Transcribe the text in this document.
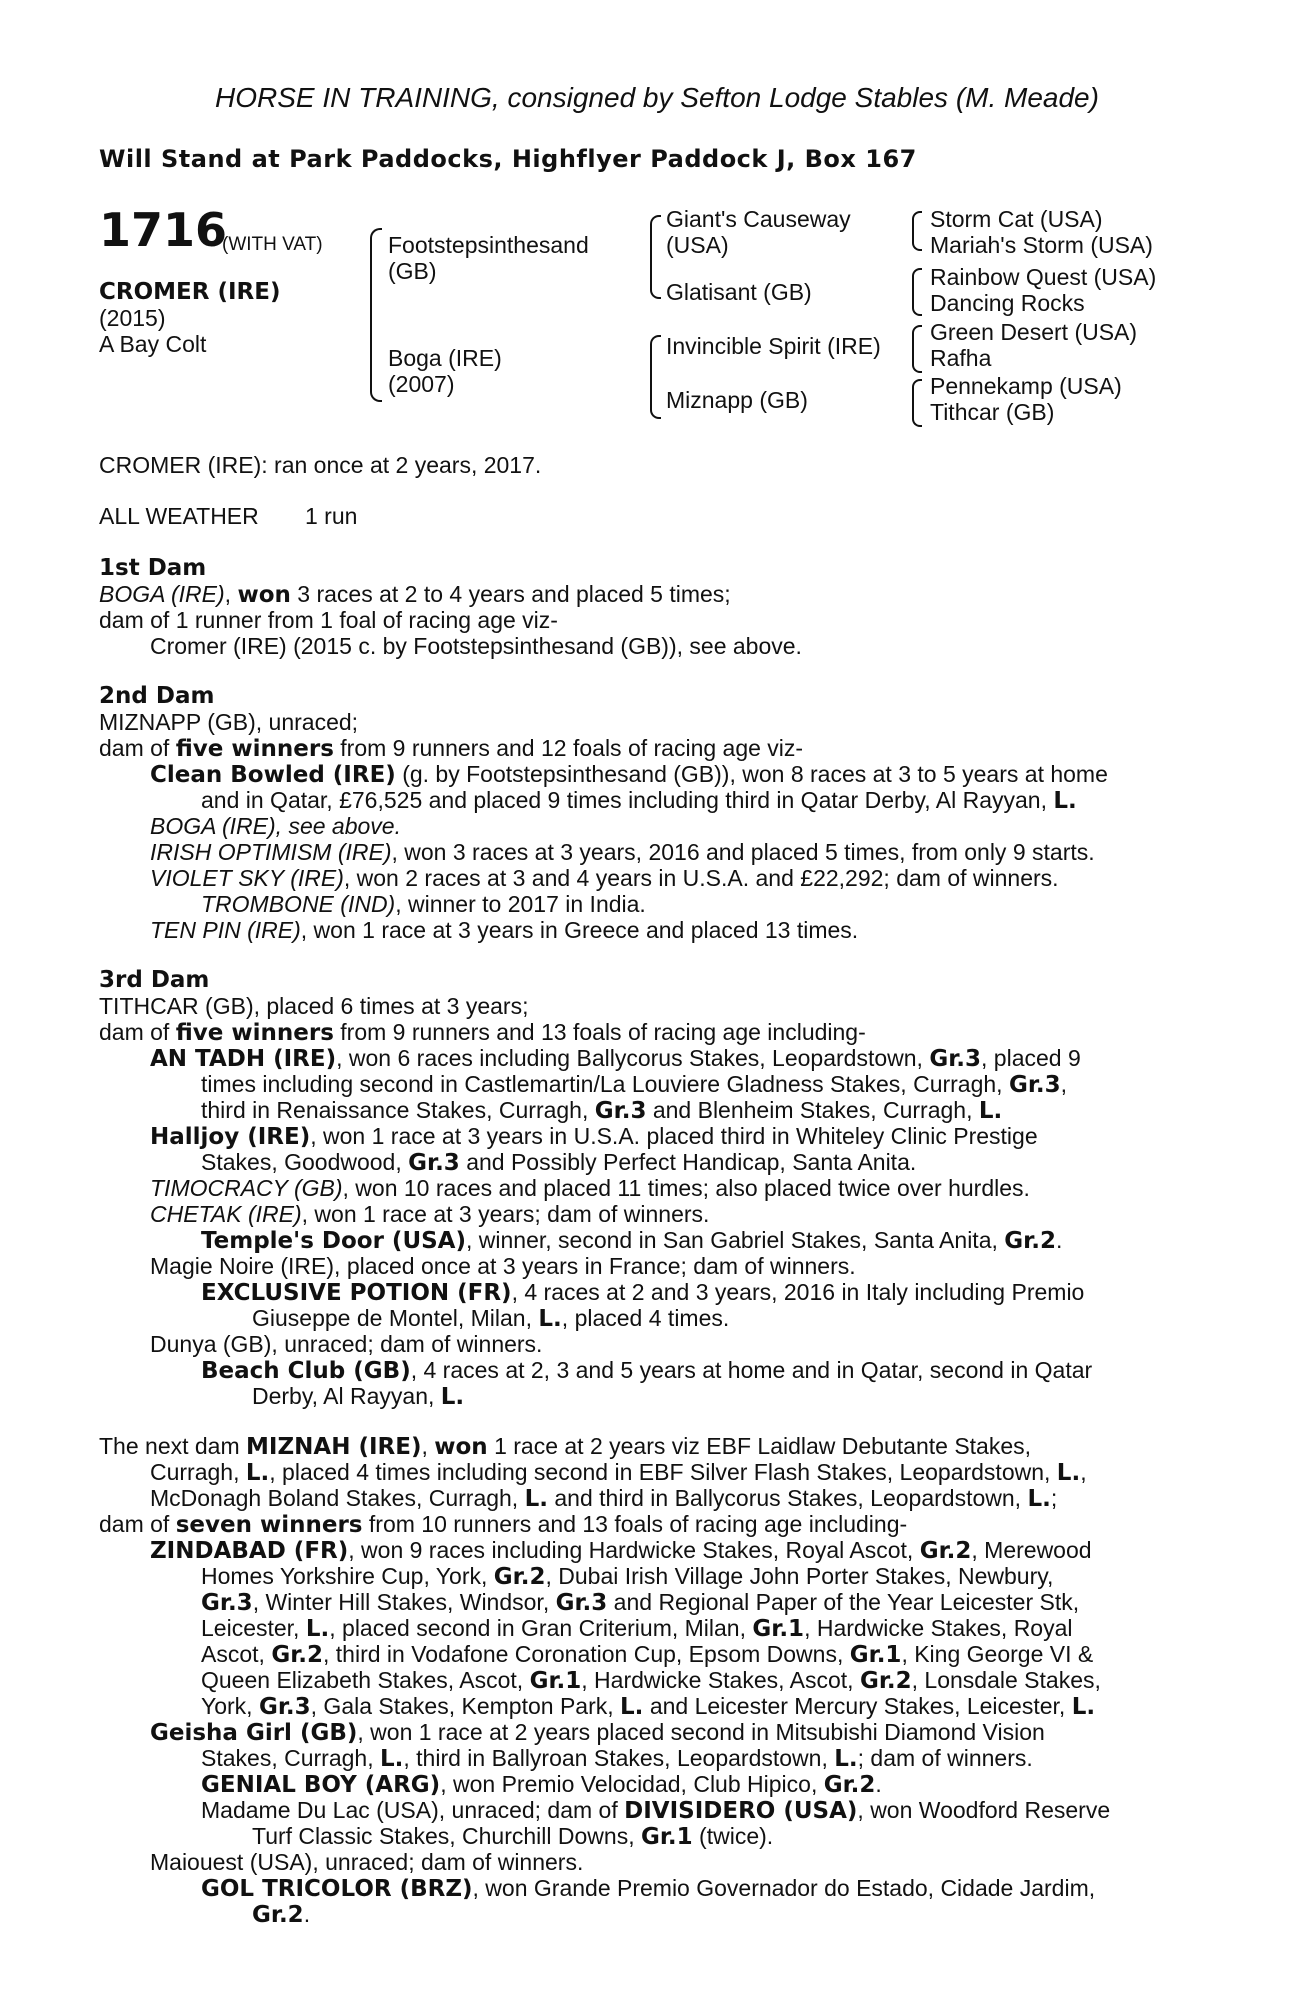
HORSE IN TRAINING, consigned by Sefton Lodge Stables (M. Meade)
Will Stand at Park Paddocks, Highflyer Paddock J, Box 167
1716
(WITH VAT)
CROMER (IRE)
(2015)
A Bay Colt
Footstepsinthesand
(GB)
Boga (IRE)
(2007)
Giant's Causeway
(USA)
Glatisant (GB)
Invincible Spirit (IRE)
Miznapp (GB)
Storm Cat (USA)
Mariah's Storm (USA)
Rainbow Quest (USA)
Dancing Rocks
Green Desert (USA)
Rafha
Pennekamp (USA)
Tithcar (GB)
CROMER (IRE): ran once at 2 years, 2017.
ALL WEATHER 1 run
1st Dam
BOGA (IRE), won 3 races at 2 to 4 years and placed 5 times;
dam of 1 runner from 1 foal of racing age viz-
Cromer (IRE) (2015 c. by Footstepsinthesand (GB)), see above.
2nd Dam
MIZNAPP (GB), unraced;
dam of five winners from 9 runners and 12 foals of racing age viz-
Clean Bowled (IRE) (g. by Footstepsinthesand (GB)), won 8 races at 3 to 5 years at home
and in Qatar, £76,525 and placed 9 times including third in Qatar Derby, Al Rayyan, L.
BOGA (IRE), see above.
IRISH OPTIMISM (IRE), won 3 races at 3 years, 2016 and placed 5 times, from only 9 starts.
VIOLET SKY (IRE), won 2 races at 3 and 4 years in U.S.A. and £22,292; dam of winners.
TROMBONE (IND), winner to 2017 in India.
TEN PIN (IRE), won 1 race at 3 years in Greece and placed 13 times.
3rd Dam
TITHCAR (GB), placed 6 times at 3 years;
dam of five winners from 9 runners and 13 foals of racing age including-
AN TADH (IRE), won 6 races including Ballycorus Stakes, Leopardstown, Gr.3, placed 9
times including second in Castlemartin/La Louviere Gladness Stakes, Curragh, Gr.3,
third in Renaissance Stakes, Curragh, Gr.3 and Blenheim Stakes, Curragh, L.
Halljoy (IRE), won 1 race at 3 years in U.S.A. placed third in Whiteley Clinic Prestige
Stakes, Goodwood, Gr.3 and Possibly Perfect Handicap, Santa Anita.
TIMOCRACY (GB), won 10 races and placed 11 times; also placed twice over hurdles.
CHETAK (IRE), won 1 race at 3 years; dam of winners.
Temple's Door (USA), winner, second in San Gabriel Stakes, Santa Anita, Gr.2.
Magie Noire (IRE), placed once at 3 years in France; dam of winners.
EXCLUSIVE POTION (FR), 4 races at 2 and 3 years, 2016 in Italy including Premio
Giuseppe de Montel, Milan, L., placed 4 times.
Dunya (GB), unraced; dam of winners.
Beach Club (GB), 4 races at 2, 3 and 5 years at home and in Qatar, second in Qatar
Derby, Al Rayyan, L.
The next dam MIZNAH (IRE), won 1 race at 2 years viz EBF Laidlaw Debutante Stakes,
Curragh, L., placed 4 times including second in EBF Silver Flash Stakes, Leopardstown, L.,
McDonagh Boland Stakes, Curragh, L. and third in Ballycorus Stakes, Leopardstown, L.;
dam of seven winners from 10 runners and 13 foals of racing age including-
ZINDABAD (FR), won 9 races including Hardwicke Stakes, Royal Ascot, Gr.2, Merewood
Homes Yorkshire Cup, York, Gr.2, Dubai Irish Village John Porter Stakes, Newbury,
Gr.3, Winter Hill Stakes, Windsor, Gr.3 and Regional Paper of the Year Leicester Stk,
Leicester, L., placed second in Gran Criterium, Milan, Gr.1, Hardwicke Stakes, Royal
Ascot, Gr.2, third in Vodafone Coronation Cup, Epsom Downs, Gr.1, King George VI &
Queen Elizabeth Stakes, Ascot, Gr.1, Hardwicke Stakes, Ascot, Gr.2, Lonsdale Stakes,
York, Gr.3, Gala Stakes, Kempton Park, L. and Leicester Mercury Stakes, Leicester, L.
Geisha Girl (GB), won 1 race at 2 years placed second in Mitsubishi Diamond Vision
Stakes, Curragh, L., third in Ballyroan Stakes, Leopardstown, L.; dam of winners.
GENIAL BOY (ARG), won Premio Velocidad, Club Hipico, Gr.2.
Madame Du Lac (USA), unraced; dam of DIVISIDERO (USA), won Woodford Reserve
Turf Classic Stakes, Churchill Downs, Gr.1 (twice).
Maiouest (USA), unraced; dam of winners.
GOL TRICOLOR (BRZ), won Grande Premio Governador do Estado, Cidade Jardim,
Gr.2.
